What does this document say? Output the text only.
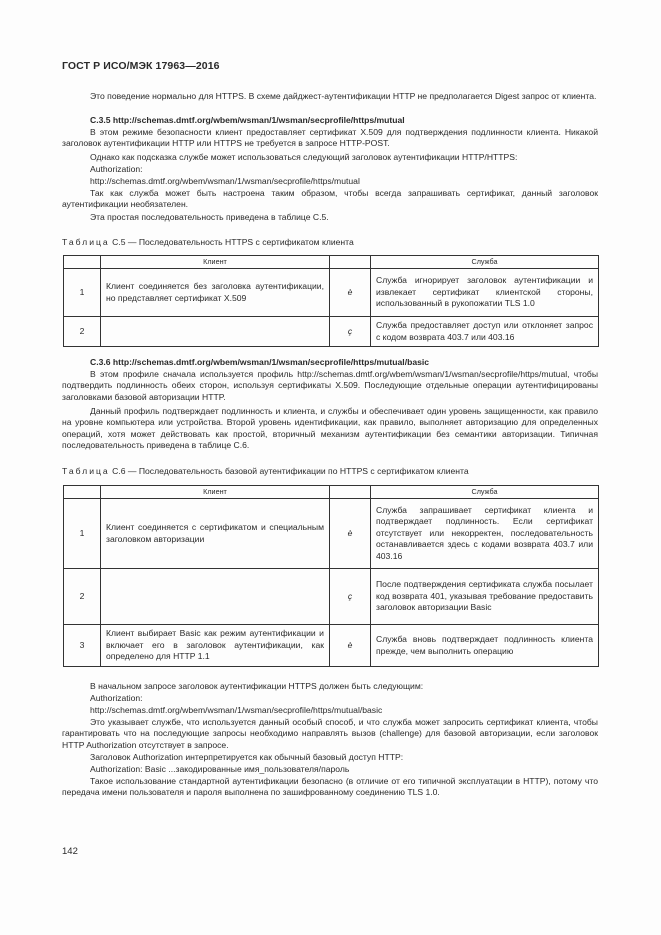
ГОСТ Р ИСО/МЭК 17963—2016
Это поведение нормально для HTTPS. В схеме дайджест-аутентификации HTTP не предполагается Digest запрос от клиента.
C.3.5 http://schemas.dmtf.org/wbem/wsman/1/wsman/secprofile/https/mutual
В этом режиме безопасности клиент предоставляет сертификат X.509 для подтверждения подлинности клиента. Никакой заголовок аутентификации HTTP или HTTPS не требуется в запросе HTTP-POST.
Однако как подсказка службе может использоваться следующий заголовок аутентификации HTTP/HTTPS:
Authorization:
http://schemas.dmtf.org/wbem/wsman/1/wsman/secprofile/https/mutual
Так как служба может быть настроена таким образом, чтобы всегда запрашивать сертификат, данный заголовок аутентификации необязателен.
Эта простая последовательность приведена в таблице С.5.
Таблица С.5 — Последовательность HTTPS с сертификатом клиента
	Клиент		Служба
1	Клиент соединяется без заголовка аутентификации, но представляет сертификат X.509	è	Служба игнорирует заголовок аутентификации и извлекает сертификат клиентской стороны, использованный в рукопожатии TLS 1.0
2		ç	Служба предоставляет доступ или отклоняет запрос с кодом возврата 403.7 или 403.16
C.3.6 http://schemas.dmtf.org/wbem/wsman/1/wsman/secprofile/https/mutual/basic
В этом профиле сначала используется профиль http://schemas.dmtf.org/wbem/wsman/1/wsman/secprofile/https/mutual, чтобы подтвердить подлинность обеих сторон, используя сертификаты X.509. Последующие отдельные операции аутентифицированы заголовками базовой авторизации HTTP.
Данный профиль подтверждает подлинность и клиента, и службы и обеспечивает один уровень защищенности, как правило на уровне компьютера или устройства. Второй уровень идентификации, как правило, выполняет авторизацию для определенных операций, хотя может действовать как простой, вторичный механизм аутентификации без семантики авторизации. Типичная последовательность приведена в таблице С.6.
Таблица С.6 — Последовательность базовой аутентификации по HTTPS с сертификатом клиента
	Клиент		Служба
1	Клиент соединяется с сертификатом и специальным заголовком авторизации	è	Служба запрашивает сертификат клиента и подтверждает подлинность. Если сертификат отсутствует или некорректен, последовательность останавливается здесь с кодами возврата 403.7 или 403.16
2		ç	После подтверждения сертификата служба посылает код возврата 401, указывая требование предоставить заголовок авторизации Basic
3	Клиент выбирает Basic как режим аутентификации и включает его в заголовок аутентификации, как определено для HTTP 1.1	è	Служба вновь подтверждает подлинность клиента прежде, чем выполнить операцию
В начальном запросе заголовок аутентификации HTTPS должен быть следующим:
Authorization:
http://schemas.dmtf.org/wbem/wsman/1/wsman/secprofile/https/mutual/basic
Это указывает службе, что используется данный особый способ, и что служба может запросить сертификат клиента, чтобы гарантировать что на последующие запросы необходимо направлять вызов (challenge) для базовой авторизации, если заголовок HTTP Authorization отсутствует в запросе.
Заголовок Authorization интерпретируется как обычный базовый доступ HTTP:
Authorization: Basic ...закодированные имя_пользователя/пароль
Такое использование стандартной аутентификации безопасно (в отличие от его типичной эксплуатации в HTTP), потому что передача имени пользователя и пароля выполнена по зашифрованному соединению TLS 1.0.
142
